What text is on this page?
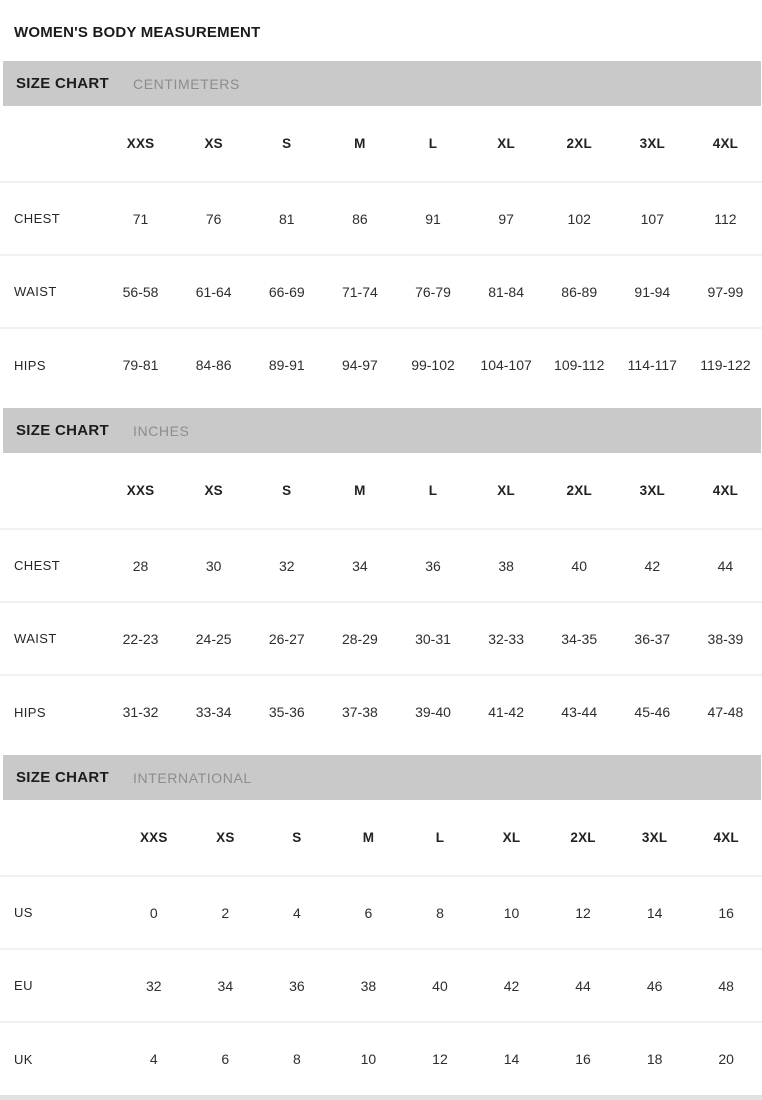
WOMEN'S BODY MEASUREMENT
SIZE CHART CENTIMETERS
	XXS	XS	S	M	L	XL	2XL	3XL	4XL
CHEST	71	76	81	86	91	97	102	107	112
WAIST	56-58	61-64	66-69	71-74	76-79	81-84	86-89	91-94	97-99
HIPS	79-81	84-86	89-91	94-97	99-102	104-107	109-112	114-117	119-122
SIZE CHART INCHES
	XXS	XS	S	M	L	XL	2XL	3XL	4XL
CHEST	28	30	32	34	36	38	40	42	44
WAIST	22-23	24-25	26-27	28-29	30-31	32-33	34-35	36-37	38-39
HIPS	31-32	33-34	35-36	37-38	39-40	41-42	43-44	45-46	47-48
SIZE CHART INTERNATIONAL
	XXS	XS	S	M	L	XL	2XL	3XL	4XL
US	0	2	4	6	8	10	12	14	16
EU	32	34	36	38	40	42	44	46	48
UK	4	6	8	10	12	14	16	18	20
